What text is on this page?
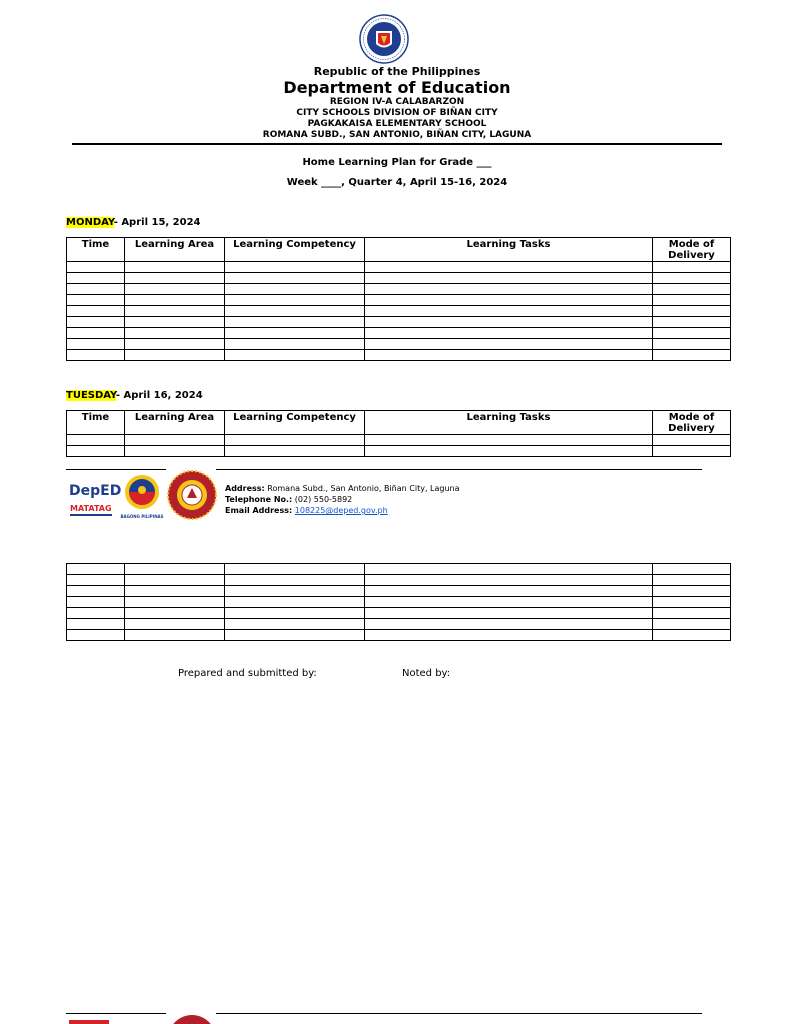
Republic of the Philippines
Department of Education
REGION IV-A CALABARZON
CITY SCHOOLS DIVISION OF BIÑAN CITY
PAGKAKAISA ELEMENTARY SCHOOL
ROMANA SUBD., SAN ANTONIO, BIÑAN CITY, LAGUNA
Home Learning Plan for Grade ___
Week ____, Quarter 4, April 15-16, 2024
MONDAY- April 15, 2024
Time	Learning Area	Learning Competency	Learning Tasks	Mode of Delivery

TUESDAY- April 16, 2024
Time	Learning Area	Learning Competency	Learning Tasks	Mode of Delivery

DepED
MATATAG
BAGONG PILIPINAS
Address: Romana Subd., San Antonio, Biñan City, Laguna
Telephone No.: (02) 550-5892
Email Address: 108225@deped.gov.ph

Prepared and submitted by:	Noted by:
